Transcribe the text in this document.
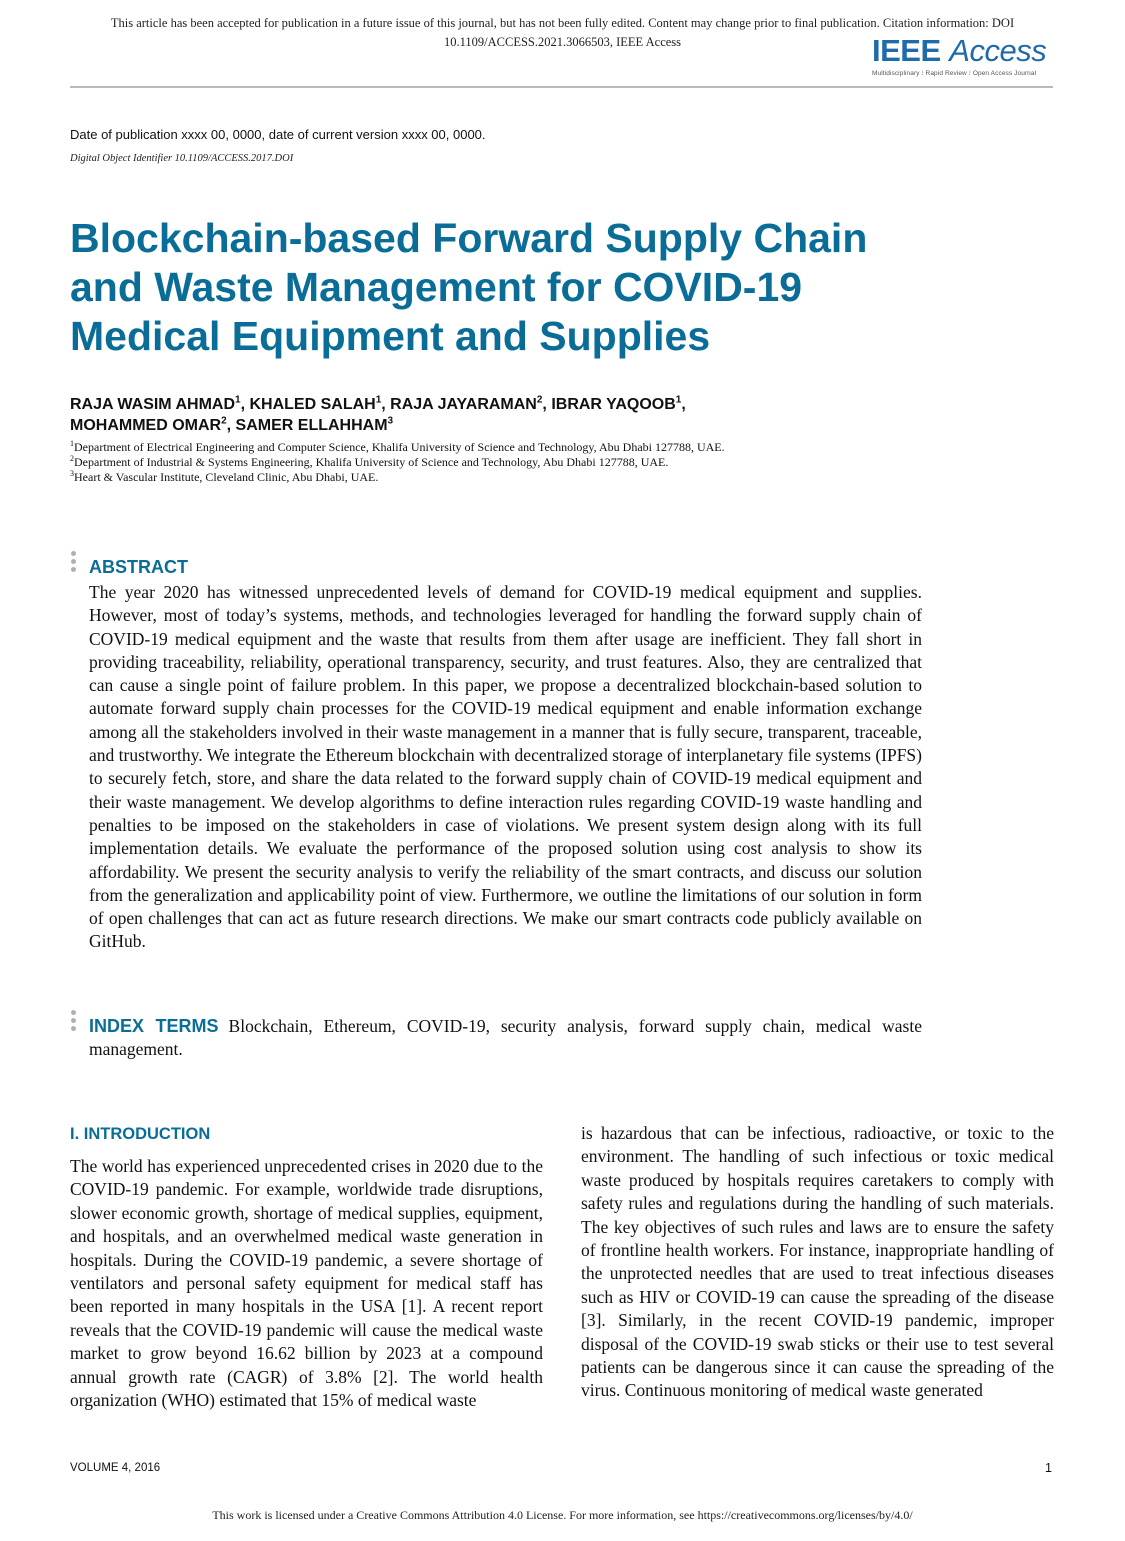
This article has been accepted for publication in a future issue of this journal, but has not been fully edited. Content may change prior to final publication. Citation information: DOI
10.1109/ACCESS.2021.3066503, IEEE Access	IEEE Access
Multidisciplinary ⁝ Rapid Review ⁝ Open Access Journal
Date of publication xxxx 00, 0000, date of current version xxxx 00, 0000.
Digital Object Identifier 10.1109/ACCESS.2017.DOI
Blockchain-based Forward Supply Chain
and Waste Management for COVID-19
Medical Equipment and Supplies
RAJA WASIM AHMAD$^1$, KHALED SALAH$^1$, RAJA JAYARAMAN$^2$, IBRAR YAQOOB$^1$,
MOHAMMED OMAR$^2$, SAMER ELLAHHAM$^3$
$^1$Department of Electrical Engineering and Computer Science, Khalifa University of Science and Technology, Abu Dhabi 127788, UAE.
$^2$Department of Industrial & Systems Engineering, Khalifa University of Science and Technology, Abu Dhabi 127788, UAE.
$^3$Heart & Vascular Institute, Cleveland Clinic, Abu Dhabi, UAE.
ABSTRACT

The year 2020 has witnessed unprecedented levels of demand for COVID-19 medical equipment and supplies. However, most of today’s systems, methods, and technologies leveraged for handling the forward supply chain of COVID-19 medical equipment and the waste that results from them after usage are inefficient. They fall short in providing traceability, reliability, operational transparency, security, and trust features. Also, they are centralized that can cause a single point of failure problem. In this paper, we propose a decentralized blockchain-based solution to automate forward supply chain processes for the COVID-19 medical equipment and enable information exchange among all the stakeholders involved in their waste management in a manner that is fully secure, transparent, traceable, and trustworthy. We integrate the Ethereum blockchain with decentralized storage of interplanetary file systems (IPFS) to securely fetch, store, and share the data related to the forward supply chain of COVID-19 medical equipment and their waste management. We develop algorithms to define interaction rules regarding COVID-19 waste handling and penalties to be imposed on the stakeholders in case of violations. We present system design along with its full implementation details. We evaluate the performance of the proposed solution using cost analysis to show its affordability. We present the security analysis to verify the reliability of the smart contracts, and discuss our solution from the generalization and applicability point of view. Furthermore, we outline the limitations of our solution in form of open challenges that can act as future research directions. We make our smart contracts code publicly available on GitHub.

INDEX TERMS Blockchain, Ethereum, COVID-19, security analysis, forward supply chain, medical waste management.

I. INTRODUCTION

The world has experienced unprecedented crises in 2020 due to the COVID-19 pandemic. For example, worldwide trade disruptions, slower economic growth, shortage of medical supplies, equipment, and hospitals, and an overwhelmed medical waste generation in hospitals. During the COVID-19 pandemic, a severe shortage of ventilators and personal safety equipment for medical staff has been reported in many hospitals in the USA [1]. A recent report reveals that the COVID-19 pandemic will cause the medical waste market to grow beyond 16.62 billion by 2023 at a compound annual growth rate (CAGR) of 3.8% [2]. The world health organization (WHO) estimated that 15% of medical waste

is hazardous that can be infectious, radioactive, or toxic to the environment. The handling of such infectious or toxic medical waste produced by hospitals requires caretakers to comply with safety rules and regulations during the handling of such materials. The key objectives of such rules and laws are to ensure the safety of frontline health workers. For instance, inappropriate handling of the unprotected needles that are used to treat infectious diseases such as HIV or COVID-19 can cause the spreading of the disease [3]. Similarly, in the recent COVID-19 pandemic, improper disposal of the COVID-19 swab sticks or their use to test several patients can be dangerous since it can cause the spreading of the virus. Continuous monitoring of medical waste generated

VOLUME 4, 2016	1
This work is licensed under a Creative Commons Attribution 4.0 License. For more information, see https://creativecommons.org/licenses/by/4.0/
